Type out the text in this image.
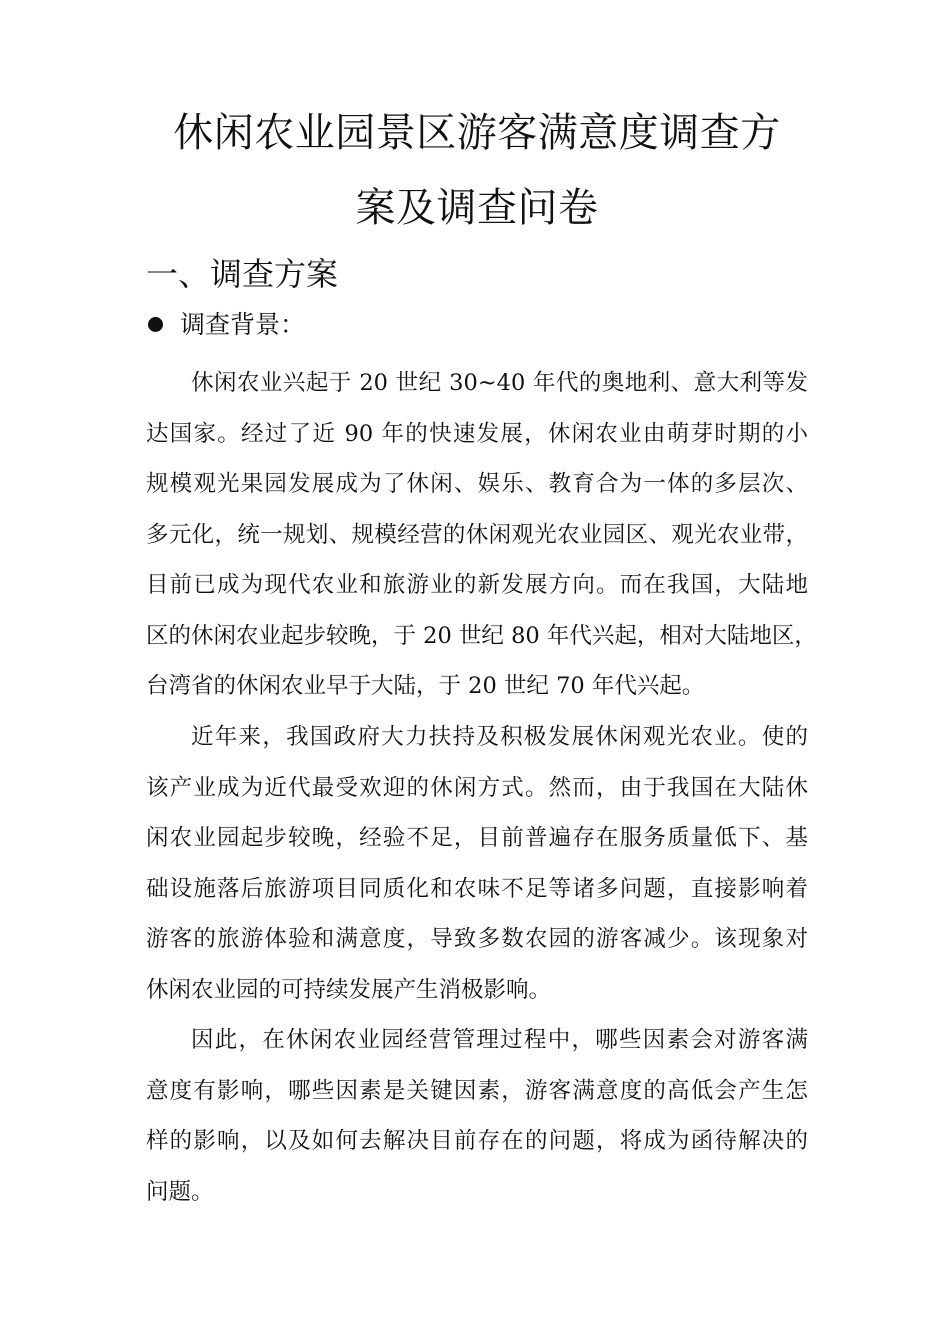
休闲农业园景区游客满意度调查方
案及调查问卷
一、调查方案
调查背景：
休闲农业兴起于 20 世纪 30~40 年代的奥地利、意大利等发
达国家。经过了近 90 年的快速发展，休闲农业由萌芽时期的小
规模观光果园发展成为了休闲、娱乐、教育合为一体的多层次、
多元化，统一规划、规模经营的休闲观光农业园区、观光农业带，
目前已成为现代农业和旅游业的新发展方向。而在我国，大陆地
区的休闲农业起步较晚，于 20 世纪 80 年代兴起，相对大陆地区，
台湾省的休闲农业早于大陆，于 20 世纪 70 年代兴起。
近年来，我国政府大力扶持及积极发展休闲观光农业。使的
该产业成为近代最受欢迎的休闲方式。然而，由于我国在大陆休
闲农业园起步较晚，经验不足，目前普遍存在服务质量低下、基
础设施落后旅游项目同质化和农味不足等诸多问题，直接影响着
游客的旅游体验和满意度，导致多数农园的游客减少。该现象对
休闲农业园的可持续发展产生消极影响。
因此，在休闲农业园经营管理过程中，哪些因素会对游客满
意度有影响，哪些因素是关键因素，游客满意度的高低会产生怎
样的影响，以及如何去解决目前存在的问题，将成为函待解决的
问题。
